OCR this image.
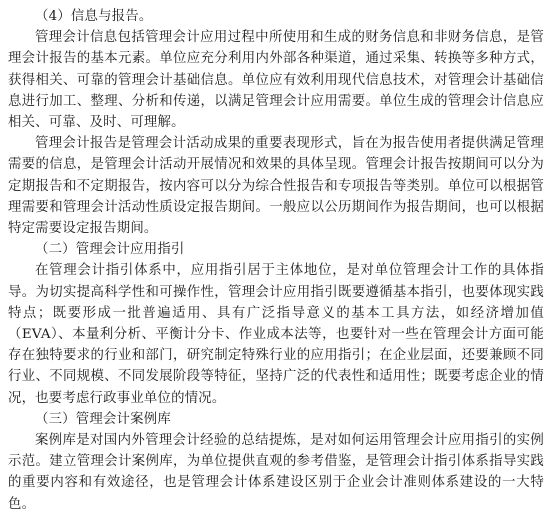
（4）信息与报告。

管理会计信息包括管理会计应用过程中所使用和生成的财务信息和非财务信息，是管理会计报告的基本元素。单位应充分利用内外部各种渠道，通过采集、转换等多种方式，获得相关、可靠的管理会计基础信息。单位应有效利用现代信息技术，对管理会计基础信息进行加工、整理、分析和传递，以满足管理会计应用需要。单位生成的管理会计信息应相关、可靠、及时、可理解。

管理会计报告是管理会计活动成果的重要表现形式，旨在为报告使用者提供满足管理需要的信息，是管理会计活动开展情况和效果的具体呈现。管理会计报告按期间可以分为定期报告和不定期报告，按内容可以分为综合性报告和专项报告等类别。单位可以根据管理需要和管理会计活动性质设定报告期间。一般应以公历期间作为报告期间，也可以根据特定需要设定报告期间。

（二）管理会计应用指引

在管理会计指引体系中，应用指引居于主体地位，是对单位管理会计工作的具体指导。为切实提高科学性和可操作性，管理会计应用指引既要遵循基本指引，也要体现实践特点；既要形成一批普遍适用、具有广泛指导意义的基本工具方法，如经济增加值（EVA）、本量利分析、平衡计分卡、作业成本法等，也要针对一些在管理会计方面可能存在独特要求的行业和部门，研究制定特殊行业的应用指引；在企业层面，还要兼顾不同行业、不同规模、不同发展阶段等特征，坚持广泛的代表性和适用性；既要考虑企业的情况，也要考虑行政事业单位的情况。

（三）管理会计案例库

案例库是对国内外管理会计经验的总结提炼，是对如何运用管理会计应用指引的实例示范。建立管理会计案例库，为单位提供直观的参考借鉴，是管理会计指引体系指导实践的重要内容和有效途径，也是管理会计体系建设区别于企业会计准则体系建设的一大特色。
